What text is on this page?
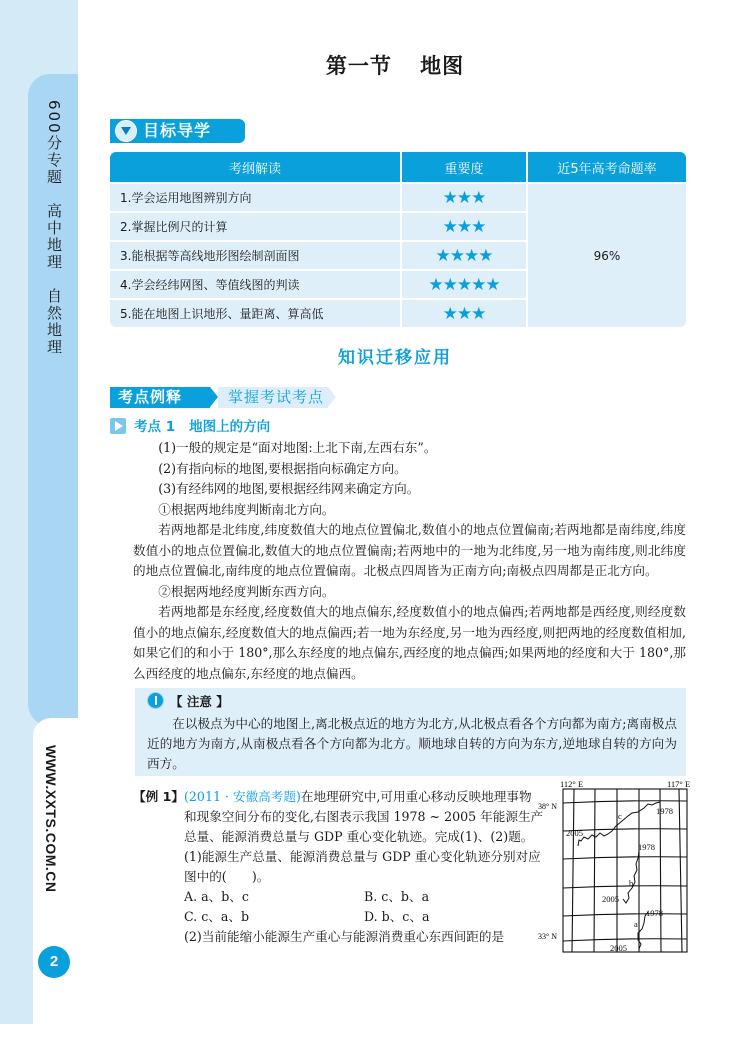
600分专题　高中地理　自然地理
WWW.XXTS.COM.CN
2
第一节 地图
目标导学
考纲解读	重要度	近5年高考命题率
1.学会运用地图辨别方向	★★★	96%
2.掌握比例尺的计算	★★★	
3.能根据等高线地形图绘制剖面图	★★★★	
4.学会经纬网图、等值线图的判读	★★★★★	
5.能在地图上识地形、量距离、算高低	★★★	
知识迁移应用
考点例释	掌握考试考点
考点 1 地图上的方向

(1)一般的规定是“面对地图:上北下南,左西右东”。

(2)有指向标的地图,要根据指向标确定方向。

(3)有经纬网的地图,要根据经纬网来确定方向。

①根据两地纬度判断南北方向。

若两地都是北纬度,纬度数值大的地点位置偏北,数值小的地点位置偏南;若两地都是南纬度,纬度数值小的地点位置偏北,数值大的地点位置偏南;若两地中的一地为北纬度,另一地为南纬度,则北纬度的地点位置偏北,南纬度的地点位置偏南。北极点四周皆为正南方向;南极点四周都是正北方向。

②根据两地经度判断东西方向。

若两地都是东经度,经度数值大的地点偏东,经度数值小的地点偏西;若两地都是西经度,则经度数值小的地点偏东,经度数值大的地点偏西;若一地为东经度,另一地为西经度,则把两地的经度数值相加,如果它们的和小于 180°,那么东经度的地点偏东,西经度的地点偏西;如果两地的经度和大于 180°,那么西经度的地点偏东,东经度的地点偏西。

【 注意 】

在以极点为中心的地图上,离北极点近的地方为北方,从北极点看各个方向都为南方;离南极点近的地方为南方,从南极点看各个方向都为北方。顺地球自转的方向为东方,逆地球自转的方向为西方。

【例 1】 (2011 · 安徽高考题)在地理研究中,可用重心移动反映地理事物和现象空间分布的变化,右图表示我国 1978 ~ 2005 年能源生产总量、能源消费总量与 GDP 重心变化轨迹。完成(1)、(2)题。

(1)能源生产总量、能源消费总量与 GDP 重心变化轨迹分别对应图中的(　　)。

A. a、b、c	B. c、b、a
C. c、a、b	D. b、c、a

(2)当前能缩小能源生产重心与能源消费重心东西间距的是

112° E	117° E
38° N
33° N
1978
c
2005
1978
b
2005
1978
a
2005
